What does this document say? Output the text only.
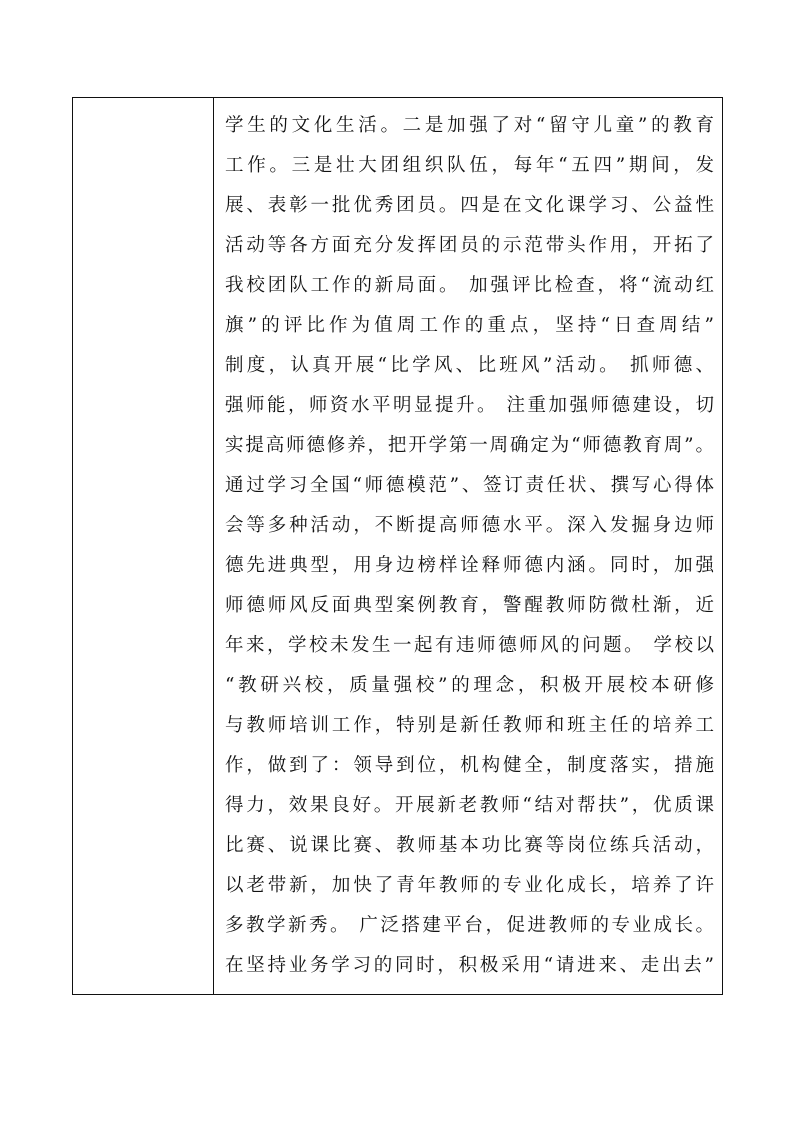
学生的文化生活。二是加强了对“留守儿童”的教育
工作。三是壮大团组织队伍，每年“五四”期间，发
展、表彰一批优秀团员。四是在文化课学习、公益性
活动等各方面充分发挥团员的示范带头作用，开拓了
我校团队工作的新局面。 加强评比检查，将“流动红
旗”的评比作为值周工作的重点，坚持“日查周结”
制度，认真开展“比学风、比班风”活动。 抓师德、
强师能，师资水平明显提升。 注重加强师德建设，切
实提高师德修养，把开学第一周确定为“师德教育周”。
通过学习全国“师德模范”、签订责任状、撰写心得体
会等多种活动，不断提高师德水平。深入发掘身边师
德先进典型，用身边榜样诠释师德内涵。同时，加强
师德师风反面典型案例教育，警醒教师防微杜渐，近
年来，学校未发生一起有违师德师风的问题。 学校以
“教研兴校，质量强校”的理念，积极开展校本研修
与教师培训工作，特别是新任教师和班主任的培养工
作，做到了：领导到位，机构健全，制度落实，措施
得力，效果良好。开展新老教师“结对帮扶”，优质课
比赛、说课比赛、教师基本功比赛等岗位练兵活动，
以老带新，加快了青年教师的专业化成长，培养了许
多教学新秀。 广泛搭建平台，促进教师的专业成长。
在坚持业务学习的同时，积极采用“请进来、走出去”
